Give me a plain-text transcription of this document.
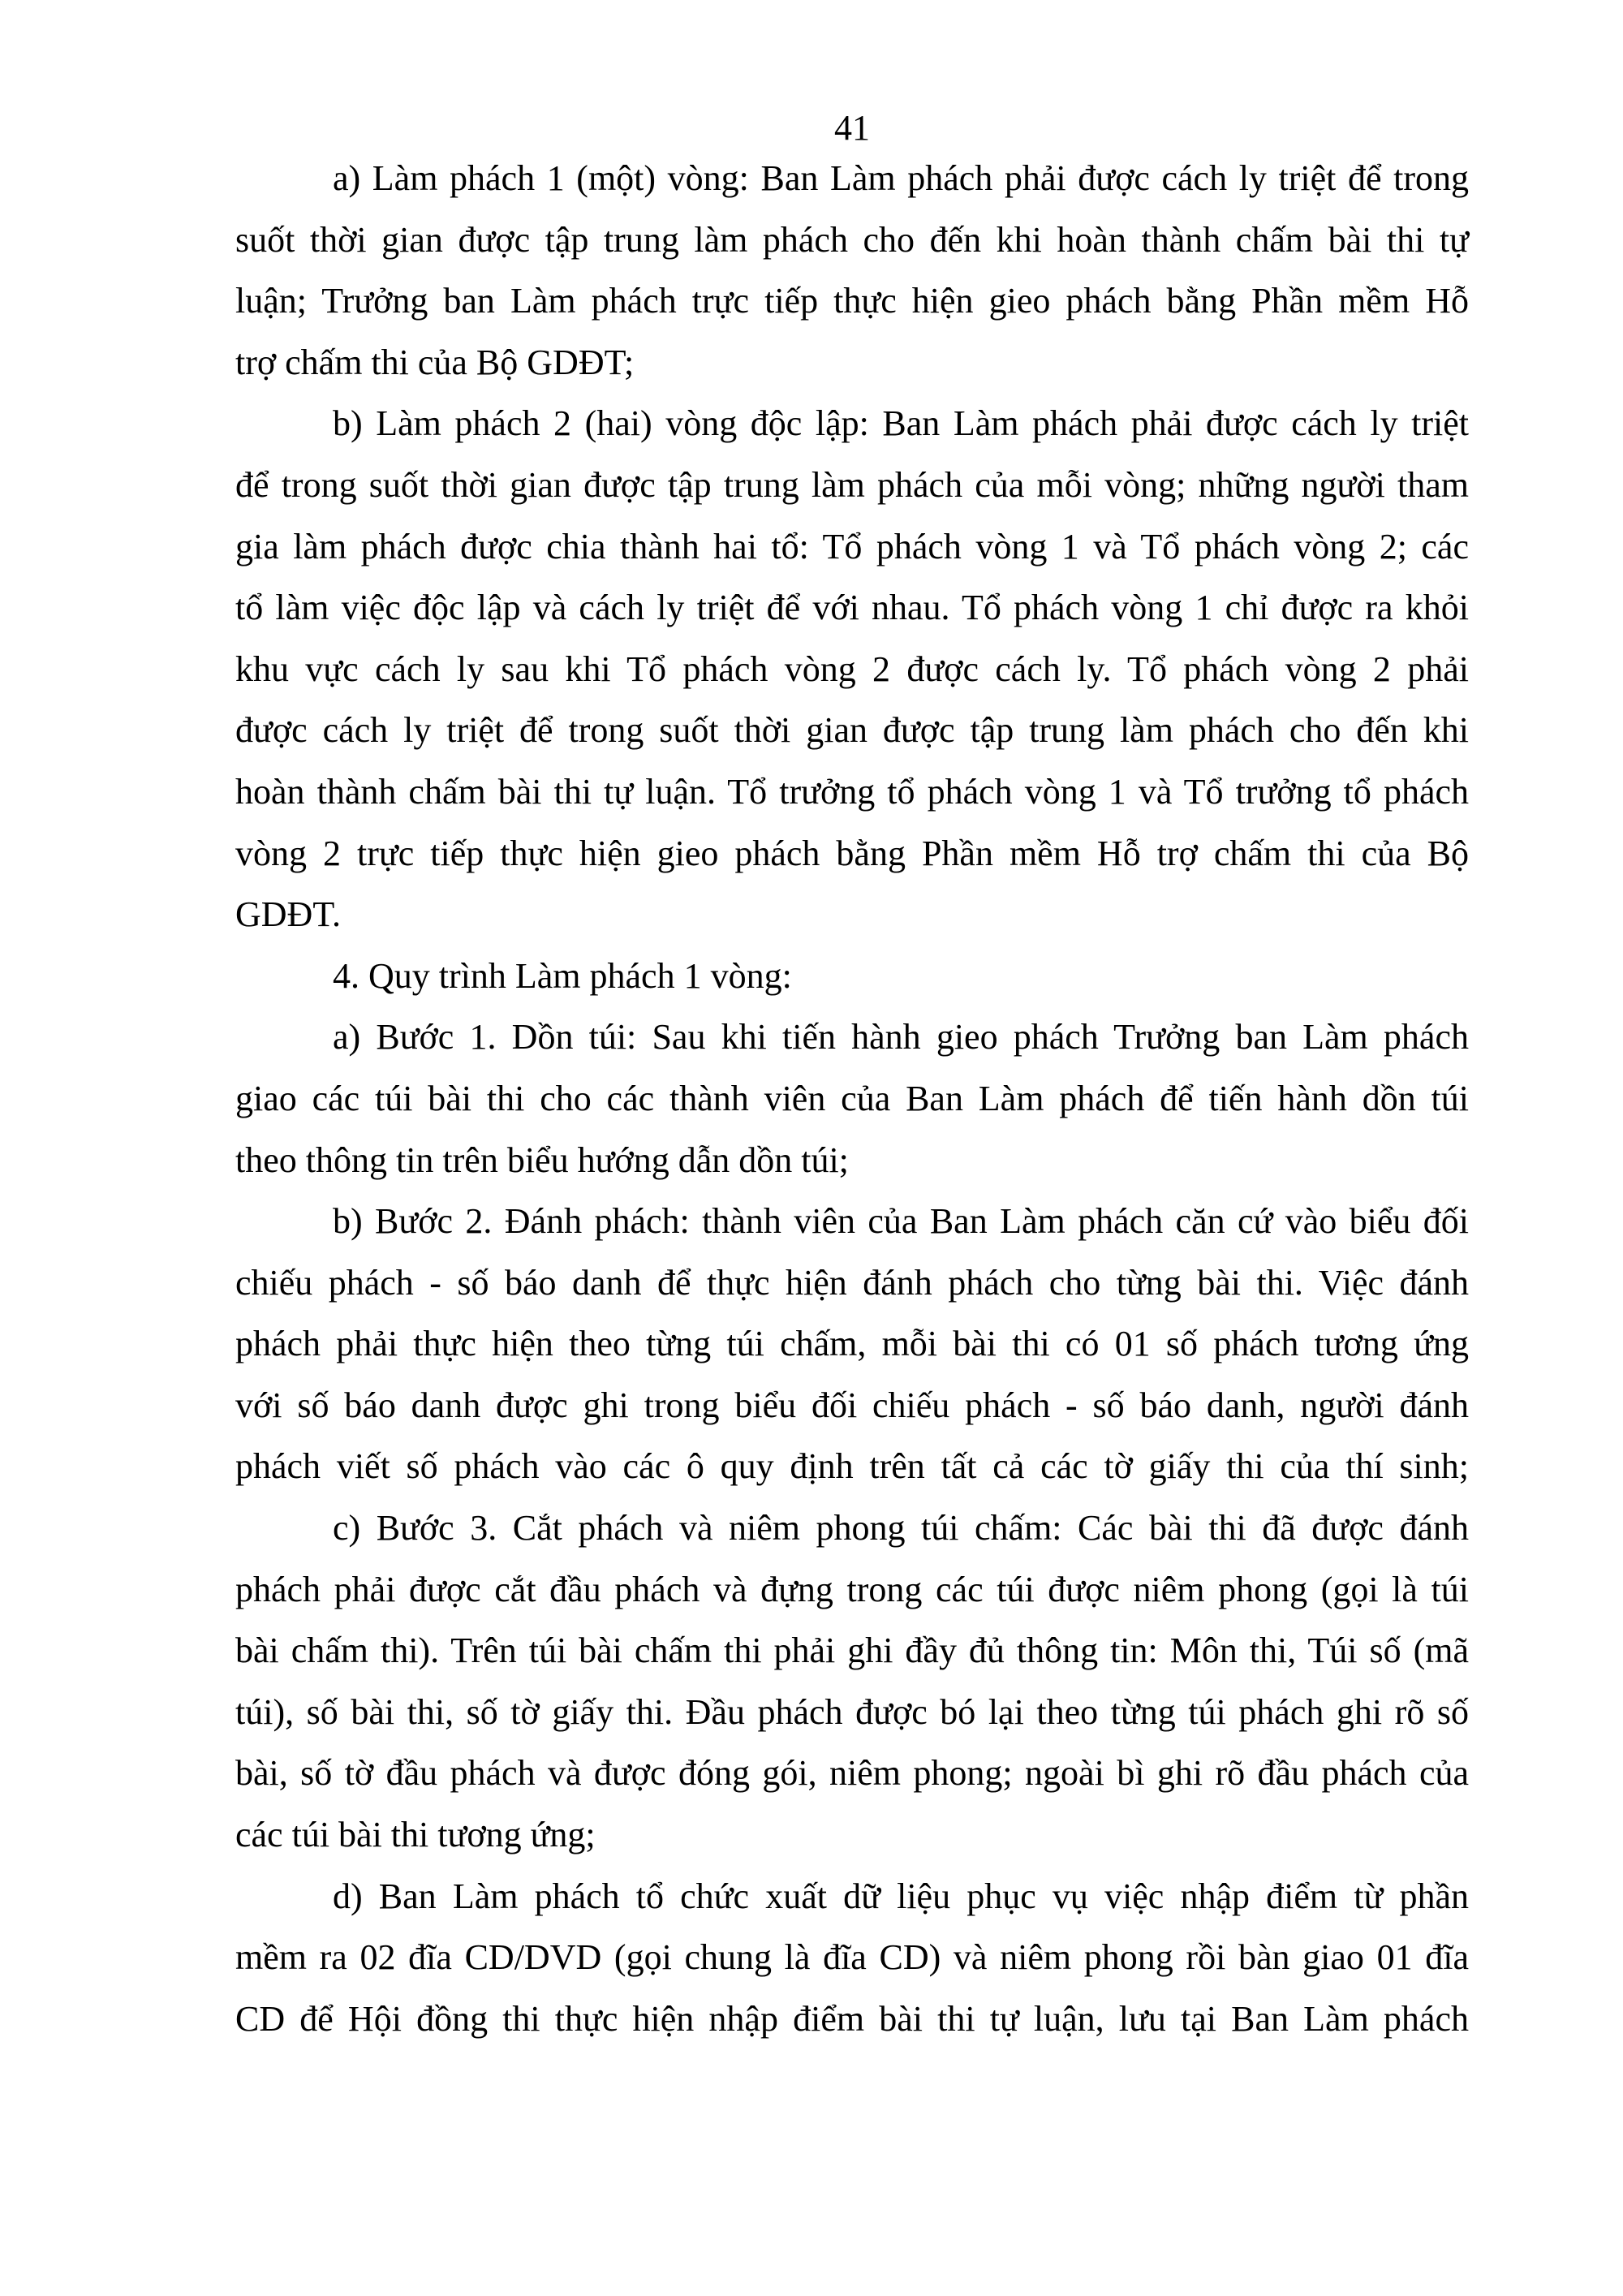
41
a) Làm phách 1 (một) vòng: Ban Làm phách phải được cách ly triệt để trong
suốt thời gian được tập trung làm phách cho đến khi hoàn thành chấm bài thi tự
luận; Trưởng ban Làm phách trực tiếp thực hiện gieo phách bằng Phần mềm Hỗ
trợ chấm thi của Bộ GDĐT;
b) Làm phách 2 (hai) vòng độc lập: Ban Làm phách phải được cách ly triệt
để trong suốt thời gian được tập trung làm phách của mỗi vòng; những người tham
gia làm phách được chia thành hai tổ: Tổ phách vòng 1 và Tổ phách vòng 2; các
tổ làm việc độc lập và cách ly triệt để với nhau. Tổ phách vòng 1 chỉ được ra khỏi
khu vực cách ly sau khi Tổ phách vòng 2 được cách ly. Tổ phách vòng 2 phải
được cách ly triệt để trong suốt thời gian được tập trung làm phách cho đến khi
hoàn thành chấm bài thi tự luận. Tổ trưởng tổ phách vòng 1 và Tổ trưởng tổ phách
vòng 2 trực tiếp thực hiện gieo phách bằng Phần mềm Hỗ trợ chấm thi của Bộ
GDĐT.
4. Quy trình Làm phách 1 vòng:
a) Bước 1. Dồn túi: Sau khi tiến hành gieo phách Trưởng ban Làm phách
giao các túi bài thi cho các thành viên của Ban Làm phách để tiến hành dồn túi
theo thông tin trên biểu hướng dẫn dồn túi;
b) Bước 2. Đánh phách: thành viên của Ban Làm phách căn cứ vào biểu đối
chiếu phách - số báo danh để thực hiện đánh phách cho từng bài thi. Việc đánh
phách phải thực hiện theo từng túi chấm, mỗi bài thi có 01 số phách tương ứng
với số báo danh được ghi trong biểu đối chiếu phách - số báo danh, người đánh
phách viết số phách vào các ô quy định trên tất cả các tờ giấy thi của thí sinh;
c) Bước 3. Cắt phách và niêm phong túi chấm: Các bài thi đã được đánh
phách phải được cắt đầu phách và đựng trong các túi được niêm phong (gọi là túi
bài chấm thi). Trên túi bài chấm thi phải ghi đầy đủ thông tin: Môn thi, Túi số (mã
túi), số bài thi, số tờ giấy thi. Đầu phách được bó lại theo từng túi phách ghi rõ số
bài, số tờ đầu phách và được đóng gói, niêm phong; ngoài bì ghi rõ đầu phách của
các túi bài thi tương ứng;
d) Ban Làm phách tổ chức xuất dữ liệu phục vụ việc nhập điểm từ phần
mềm ra 02 đĩa CD/DVD (gọi chung là đĩa CD) và niêm phong rồi bàn giao 01 đĩa
CD để Hội đồng thi thực hiện nhập điểm bài thi tự luận, lưu tại Ban Làm phách
